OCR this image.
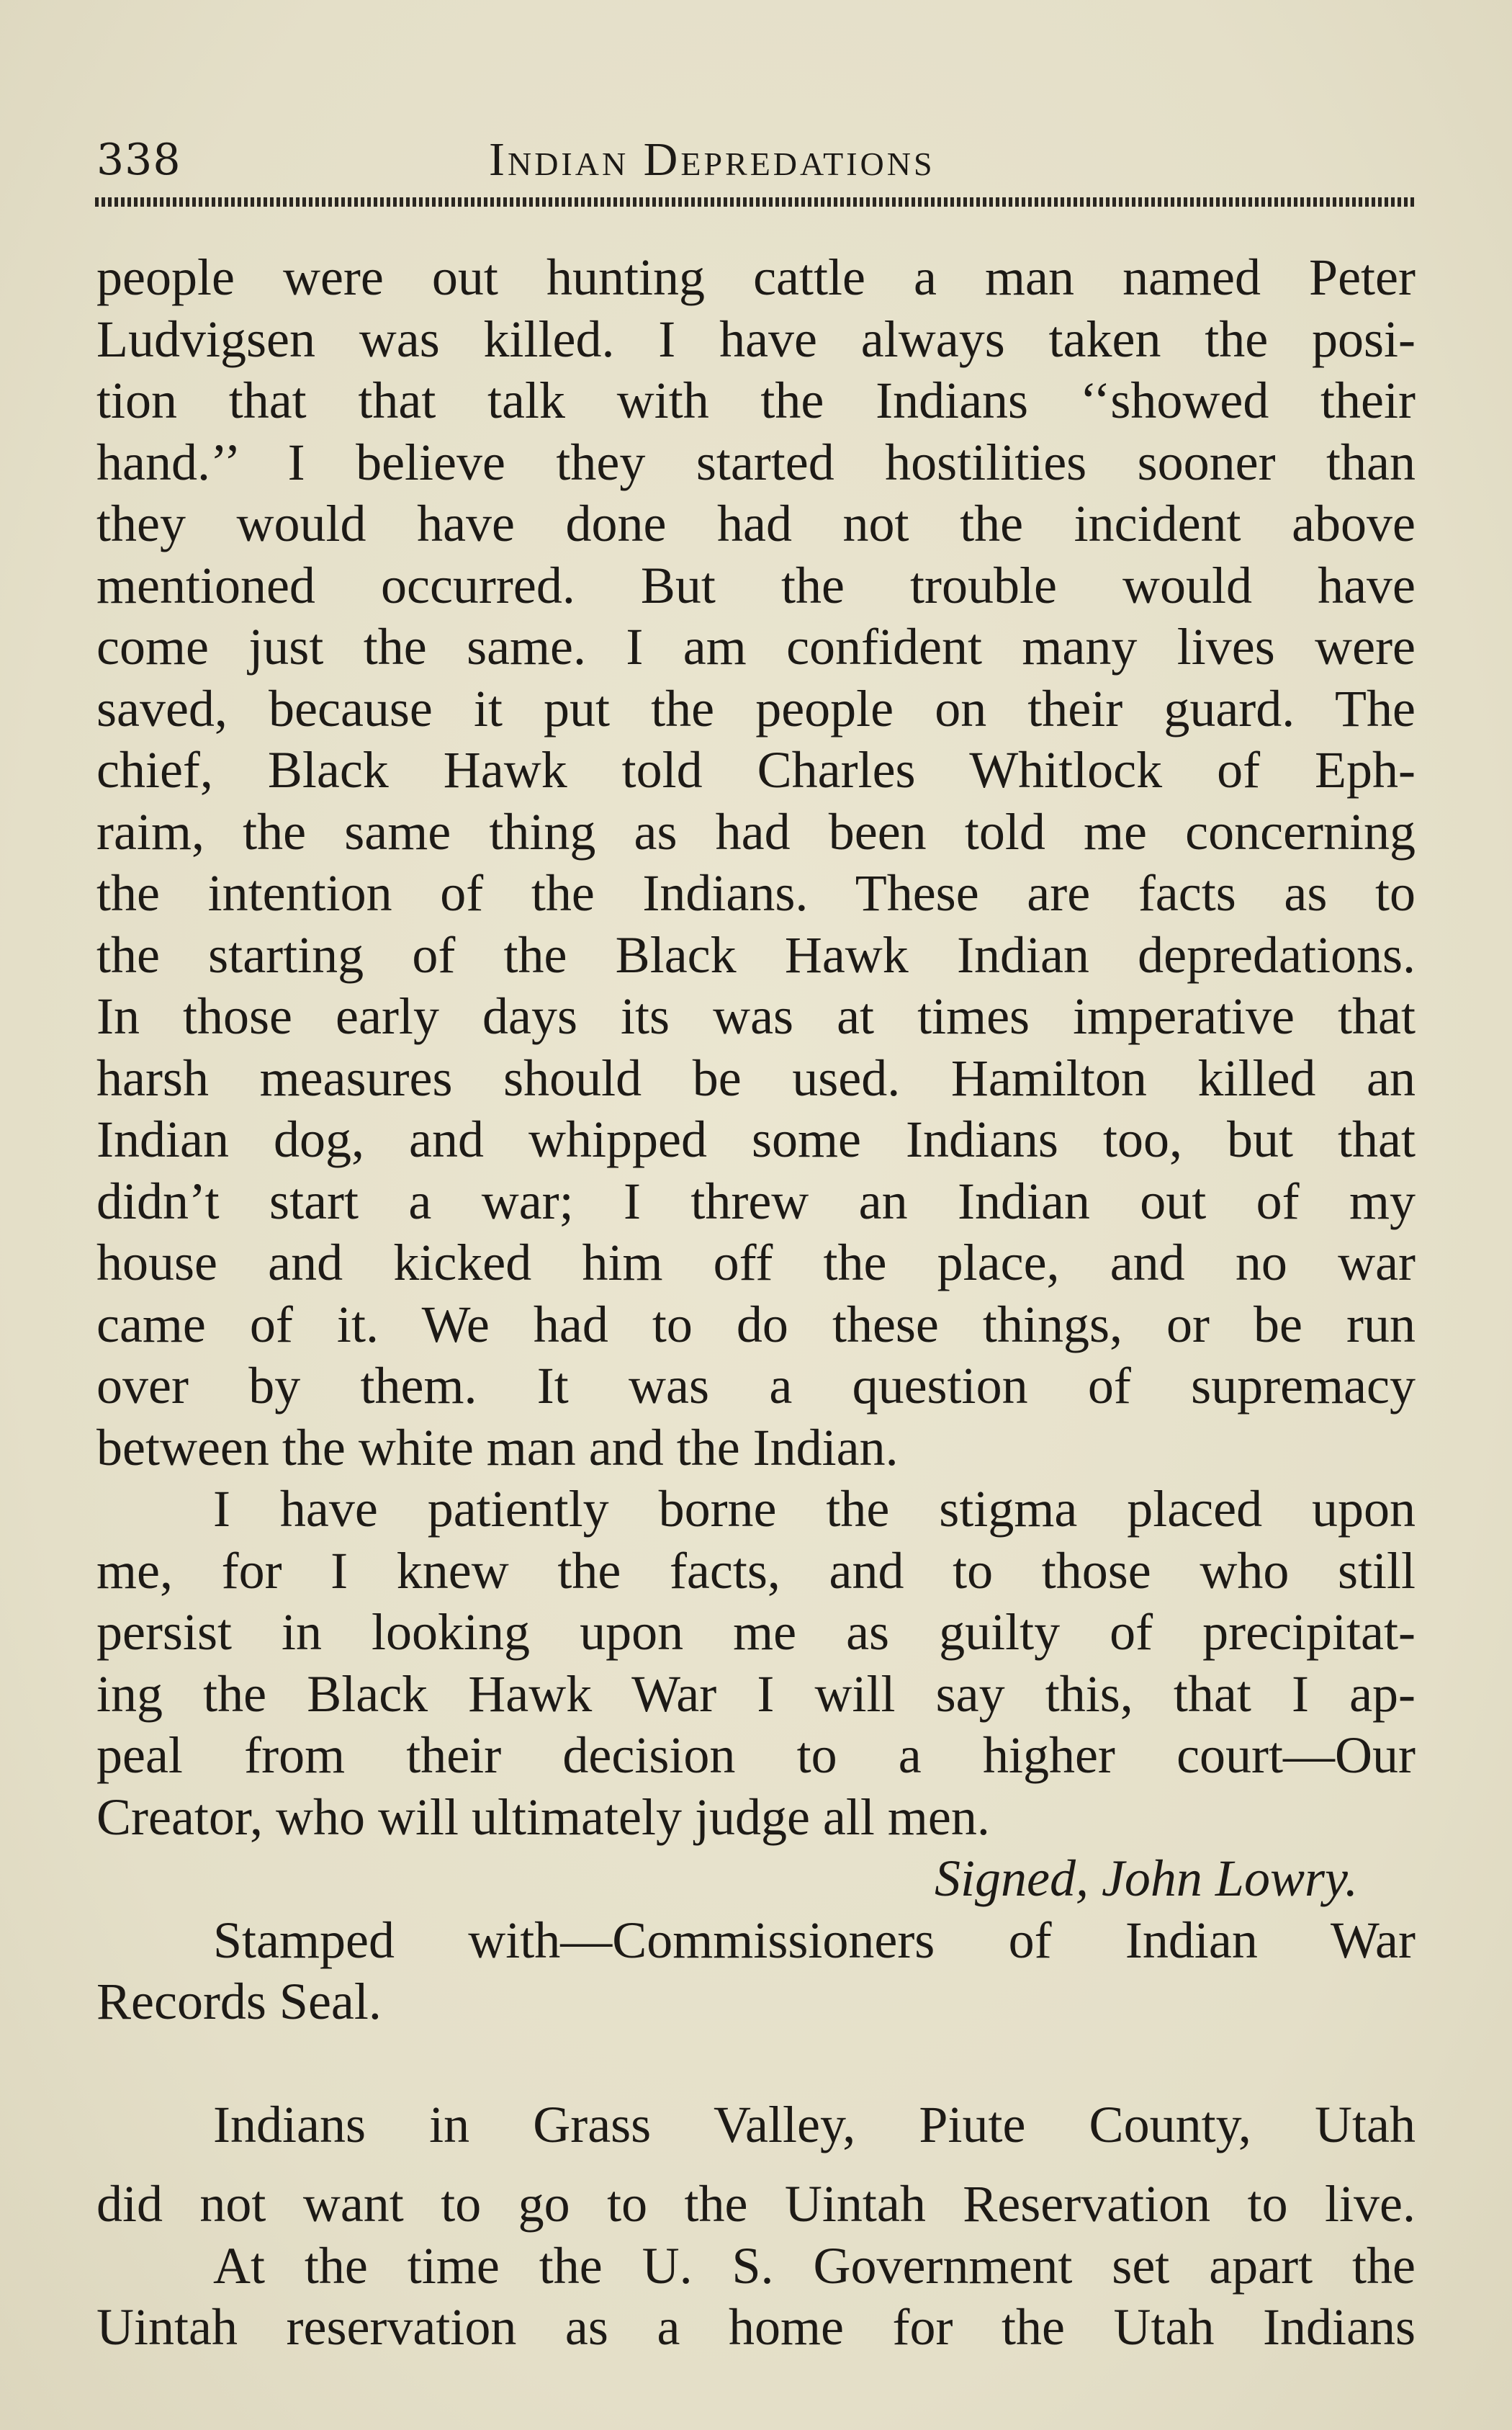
338	Indian Depredations
people were out hunting cattle a man named Peter
Ludvigsen was killed. I have always taken the posi-
tion that that talk with the Indians ‘‘showed their
hand.’’ I believe they started hostilities sooner than
they would have done had not the incident above
mentioned occurred. But the trouble would have
come just the same. I am confident many lives were
saved, because it put the people on their guard. The
chief, Black Hawk told Charles Whitlock of Eph-
raim, the same thing as had been told me concerning
the intention of the Indians. These are facts as to
the starting of the Black Hawk Indian depredations.
In those early days its was at times imperative that
harsh measures should be used. Hamilton killed an
Indian dog, and whipped some Indians too, but that
didn’t start a war; I threw an Indian out of my
house and kicked him off the place, and no war
came of it. We had to do these things, or be run
over by them. It was a question of supremacy
between the white man and the Indian.
I have patiently borne the stigma placed upon
me, for I knew the facts, and to those who still
persist in looking upon me as guilty of precipitat-
ing the Black Hawk War I will say this, that I ap-
peal from their decision to a higher court—Our
Creator, who will ultimately judge all men.
Signed, John Lowry.
Stamped with—Commissioners of Indian War
Records Seal.
Indians in Grass Valley, Piute County, Utah
did not want to go to the Uintah Reservation to live.
At the time the U. S. Government set apart the
Uintah reservation as a home for the Utah Indians
